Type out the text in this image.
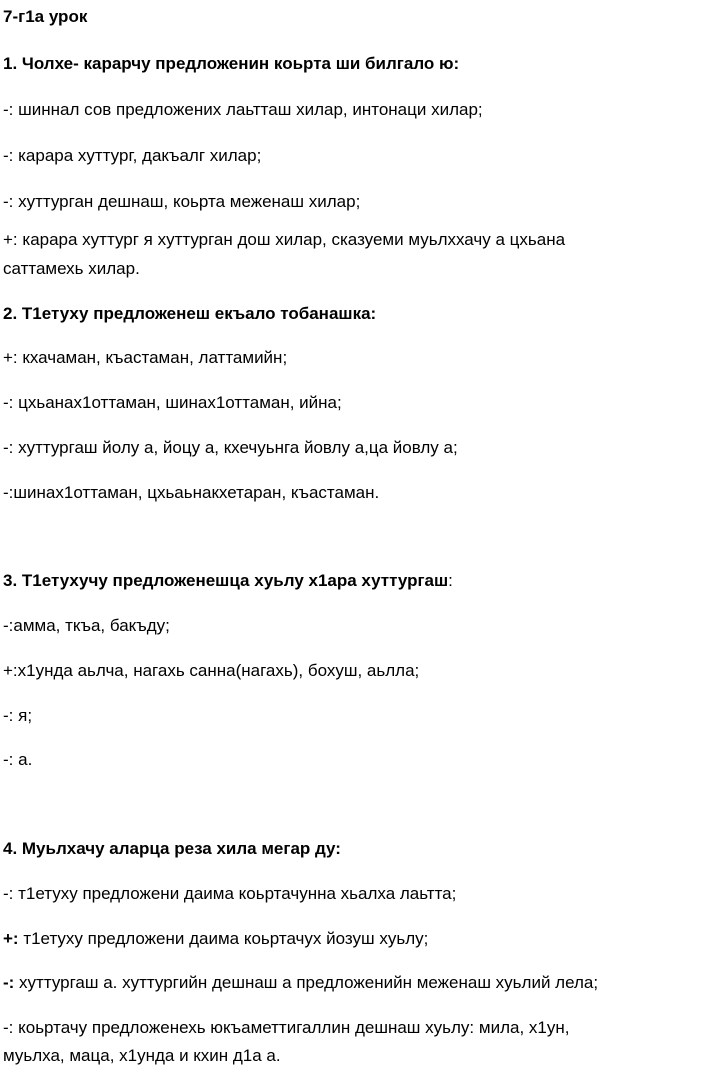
7-г1а урок
1. Чолхе- карарчу предложенин коьрта ши билгало ю:
-: шиннал сов предложених лаьтташ хилар, интонаци хилар;
-: карара хуттург, дакъалг хилар;
-: хуттурган дешнаш, коьрта меженаш хилар;
+: карара хуттург я хуттурган дош хилар, сказуеми муьлххачу а цхьана
саттамехь хилар.
2. Т1етуху предложенеш екъало тобанашка:
+: кхачаман, къастаман, латтамийн;
-: цхьанах1оттаман, шинах1оттаман, ийна;
-: хуттургаш йолу а, йоцу а, кхечуьнга йовлу а,ца йовлу а;
-:шинах1оттаман, цхьаьнакхетаран, къастаман.
3. Т1етухучу предложенешца хуьлу х1ара хуттургаш:
-:амма, ткъа, бакъду;
+:х1унда аьлча, нагахь санна(нагахь), бохуш, аьлла;
-: я;
-: а.
4. Муьлхачу аларца реза хила мегар ду:
-: т1етуху предложени даима коьртачунна хьалха лаьтта;
+: т1етуху предложени даима коьртачух йозуш хуьлу;
-: хуттургаш а. хуттургийн дешнаш а предложенийн меженаш хуьлий лела;
-: коьртачу предложенехь юкъаметтигаллин дешнаш хуьлу: мила, х1ун,
муьлха, маца, х1унда и кхин д1а а.
